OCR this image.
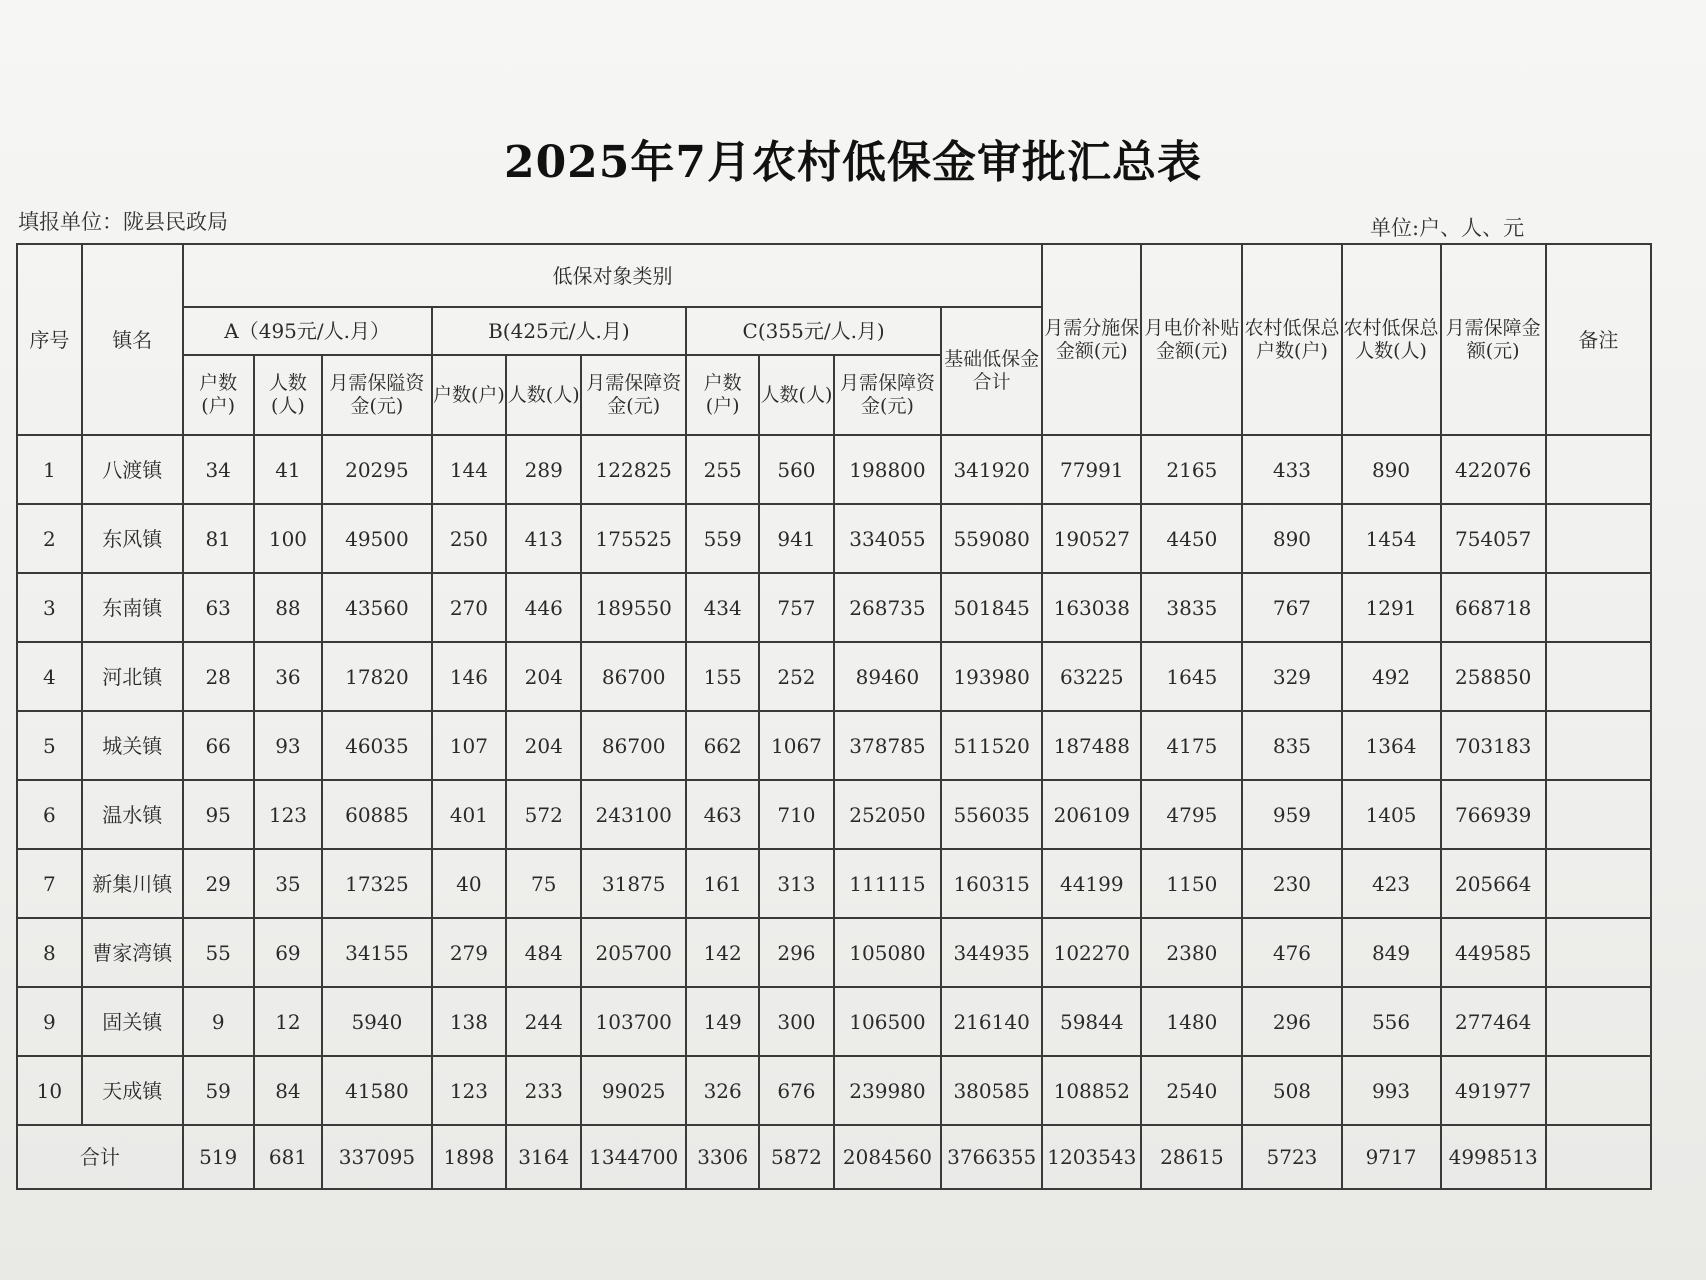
2025年7月农村低保金审批汇总表
填报单位：陇县民政局	单位:户、人、元
序号	镇名	低保对象类别										月需分施保金额(元)	月电价补贴金额(元)	农村低保总户数(户)	农村低保总人数(人)	月需保障金额(元)	备注
		A（495元/人.月）			B(425元/人.月)			C(355元/人.月)			基础低保金合计						
		户数(户)	人数(人)	月需保隘资金(元)	户数(户)	人数(人)	月需保障资金(元)	户数(户)	人数(人)	月需保障资金(元)							
1	八渡镇	34	41	20295	144	289	122825	255	560	198800	341920	77991	2165	433	890	422076	
2	东风镇	81	100	49500	250	413	175525	559	941	334055	559080	190527	4450	890	1454	754057	
3	东南镇	63	88	43560	270	446	189550	434	757	268735	501845	163038	3835	767	1291	668718	
4	河北镇	28	36	17820	146	204	86700	155	252	89460	193980	63225	1645	329	492	258850	
5	城关镇	66	93	46035	107	204	86700	662	1067	378785	511520	187488	4175	835	1364	703183	
6	温水镇	95	123	60885	401	572	243100	463	710	252050	556035	206109	4795	959	1405	766939	
7	新集川镇	29	35	17325	40	75	31875	161	313	111115	160315	44199	1150	230	423	205664	
8	曹家湾镇	55	69	34155	279	484	205700	142	296	105080	344935	102270	2380	476	849	449585	
9	固关镇	9	12	5940	138	244	103700	149	300	106500	216140	59844	1480	296	556	277464	
10	天成镇	59	84	41580	123	233	99025	326	676	239980	380585	108852	2540	508	993	491977	
合计		519	681	337095	1898	3164	1344700	3306	5872	2084560	3766355	1203543	28615	5723	9717	4998513	
